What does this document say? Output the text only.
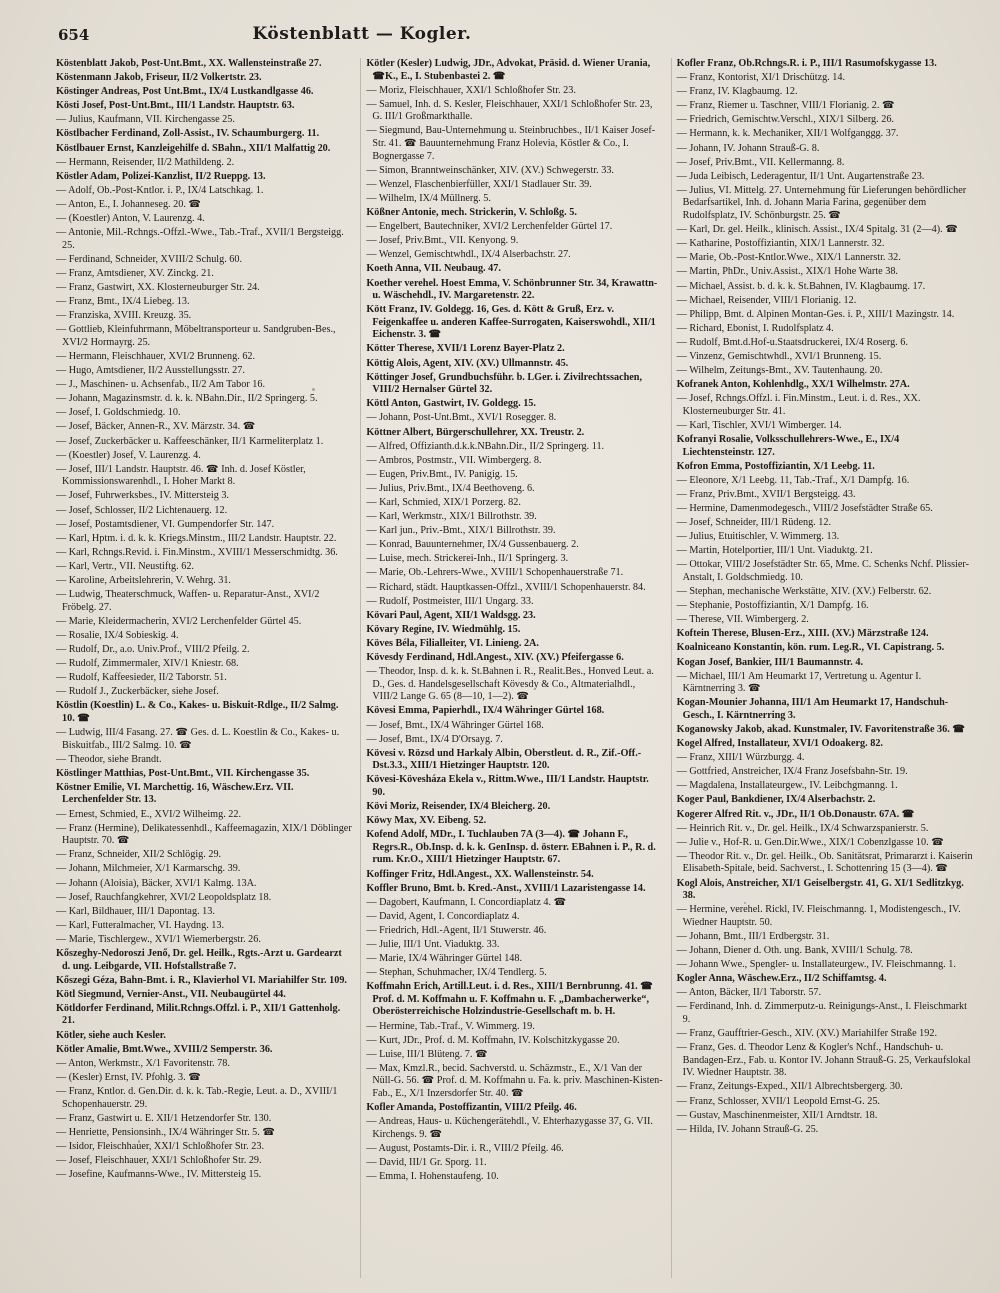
654	Köstenblatt — Kogler.

Köstenblatt Jakob, Post-Unt.Bmt., XX. Wallensteinstraße 27.

Köstenmann Jakob, Friseur, II/2 Volkertstr. 23.

Köstinger Andreas, Post Unt.Bmt., IX/4 Lustkandlgasse 46.

Kösti Josef, Post-Unt.Bmt., III/1 Landstr. Hauptstr. 63.

— Julius, Kaufmann, VII. Kirchengasse 25.

Köstlbacher Ferdinand, Zoll-Assist., IV. Schaumburgerg. 11.

Köstlbauer Ernst, Kanzleigehilfe d. SBahn., XII/1 Malfattig 20.

— Hermann, Reisender, II/2 Mathildeng. 2.

Köstler Adam, Polizei-Kanzlist, II/2 Rueppg. 13.

— Adolf, Ob.-Post-Kntlor. i. P., IX/4 Latschkag. 1.

— Anton, E., I. Johanneseg. 20. ☎

— (Koestler) Anton, V. Laurenzg. 4.

— Antonie, Mil.-Rchngs.-Offzl.-Wwe., Tab.-Traf., XVII/1 Bergsteigg. 25.

— Ferdinand, Schneider, XVIII/2 Schulg. 60.

— Franz, Amtsdiener, XV. Zinckg. 21.

— Franz, Gastwirt, XX. Klosterneuburger Str. 24.

— Franz, Bmt., IX/4 Liebeg. 13.

— Franziska, XVIII. Kreuzg. 35.

— Gottlieb, Kleinfuhrmann, Möbeltransporteur u. Sandgruben-Bes., XVI/2 Hormayrg. 25.

— Hermann, Fleischhauer, XVI/2 Brunneng. 62.

— Hugo, Amtsdiener, II/2 Ausstellungsstr. 27.

— J., Maschinen- u. Achsenfab., II/2 Am Tabor 16.

— Johann, Magazinsmstr. d. k. k. NBahn.Dir., II/2 Springerg. 5.

— Josef, I. Goldschmiedg. 10.

— Josef, Bäcker, Annen-R., XV. Märzstr. 34. ☎

— Josef, Zuckerbäcker u. Kaffeeschänker, II/1 Karmeliterplatz 1.

— (Koestler) Josef, V. Laurenzg. 4.

— Josef, III/1 Landstr. Hauptstr. 46. ☎ Inh. d. Josef Köstler, Kommissionswarenhdl., I. Hoher Markt 8.

— Josef, Fuhrwerksbes., IV. Mittersteig 3.

— Josef, Schlosser, II/2 Lichtenauerg. 12.

— Josef, Postamtsdiener, VI. Gumpendorfer Str. 147.

— Karl, Hptm. i. d. k. k. Kriegs.Minstm., III/2 Landstr. Hauptstr. 22.

— Karl, Rchngs.Revid. i. Fin.Minstm., XVIII/1 Messerschmidtg. 36.

— Karl, Vertr., VII. Neustiftg. 62.

— Karoline, Arbeitslehrerin, V. Wehrg. 31.

— Ludwig, Theaterschmuck, Waffen- u. Reparatur-Anst., XVI/2 Fröbelg. 27.

— Marie, Kleidermacherin, XVI/2 Lerchenfelder Gürtel 45.

— Rosalie, IX/4 Sobieskig. 4.

— Rudolf, Dr., a.o. Univ.Prof., VIII/2 Pfeilg. 2.

— Rudolf, Zimmermaler, XIV/1 Kniestr. 68.

— Rudolf, Kaffeesieder, II/2 Taborstr. 51.

— Rudolf J., Zuckerbäcker, siehe Josef.

Köstlin (Koestlin) L. & Co., Kakes- u. Biskuit-Rdlge., II/2 Salmg. 10. ☎

— Ludwig, III/4 Fasang. 27. ☎ Ges. d. L. Koestlin & Co., Kakes- u. Biskuitfab., III/2 Salmg. 10. ☎

— Theodor, siehe Brandt.

Köstlinger Matthias, Post-Unt.Bmt., VII. Kirchengasse 35.

Köstner Emilie, VI. Marchettig. 16, Wäschew.Erz. VII. Lerchenfelder Str. 13.

— Ernest, Schmied, E., XVI/2 Wilheimg. 22.

— Franz (Hermine), Delikatessenhdl., Kaffeemagazin, XIX/1 Döblinger Hauptstr. 70. ☎

— Franz, Schneider, XII/2 Schlögig. 29.

— Johann, Milchmeier, X/1 Karmarschg. 39.

— Johann (Aloisia), Bäcker, XVI/1 Kalmg. 13A.

— Josef, Rauchfangkehrer, XVI/2 Leopoldsplatz 18.

— Karl, Bildhauer, III/1 Dapontag. 13.

— Karl, Futteralmacher, VI. Haydng. 13.

— Marie, Tischlergew., XVI/1 Wiemerbergstr. 26.

Kőszeghy-Nedoroszi Jenő, Dr. gel. Heilk., Rgts.-Arzt u. Gardearzt d. ung. Leibgarde, VII. Hofstallstraße 7.

Kőszegi Géza, Bahn-Bmt. i. R., Klavierhol VI. Mariahilfer Str. 109.

Kötl Siegmund, Vernier-Anst., VII. Neubaugürtel 44.

Kötldorfer Ferdinand, Milit.Rchngs.Offzl. i. P., XII/1 Gattenholg. 21.

Kötler, siehe auch Kesler.

Kötler Amalie, Bmt.Wwe., XVIII/2 Semperstr. 36.

— Anton, Werkmstr., X/1 Favoritenstr. 78.

— (Kesler) Ernst, IV. Pfohlg. 3. ☎

— Franz, Kntlor. d. Gen.Dir. d. k. k. Tab.-Regie, Leut. a. D., XVIII/1 Schopenhauerstr. 29.

— Franz, Gastwirt u. E. XII/1 Hetzendorfer Str. 130.

— Henriette, Pensionsinh., IX/4 Währinger Str. 5. ☎

— Isidor, Fleischhauer, XXI/1 Schloßhofer Str. 23.

— Josef, Fleischhauer, XXI/1 Schloßhofer Str. 29.

— Josefine, Kaufmanns-Wwe., IV. Mittersteig 15.

Kötler (Kesler) Ludwig, JDr., Advokat, Präsid. d. Wiener Urania, ☎K., E., I. Stubenbastei 2. ☎

— Moriz, Fleischhauer, XXI/1 Schloßhofer Str. 23.

— Samuel, Inh. d. S. Kesler, Fleischhauer, XXI/1 Schloßhofer Str. 23, G. III/1 Großmarkthalle.

— Siegmund, Bau-Unternehmung u. Steinbruchbes., II/1 Kaiser Josef-Str. 41. ☎ Bauunternehmung Franz Holevia, Köstler & Co., I. Bognergasse 7.

— Simon, Branntweinschänker, XIV. (XV.) Schwegerstr. 33.

— Wenzel, Flaschenbierfüller, XXI/1 Stadlauer Str. 39.

— Wilhelm, IX/4 Müllnerg. 5.

Kößner Antonie, mech. Strickerin, V. Schloßg. 5.

— Engelbert, Bautechniker, XVI/2 Lerchenfelder Gürtel 17.

— Josef, Priv.Bmt., VII. Kenyong. 9.

— Wenzel, Gemischtwhdl., IX/4 Alserbachstr. 27.

Koeth Anna, VII. Neubaug. 47.

Koether verehel. Hoest Emma, V. Schönbrunner Str. 34, Krawattn- u. Wäschehdl., IV. Margaretenstr. 22.

Kött Franz, IV. Goldegg. 16, Ges. d. Kött & Gruß, Erz. v. Feigenkaffee u. anderen Kaffee-Surrogaten, Kaiserswohdl., XII/1 Eichenstr. 3. ☎

Kötter Therese, XVII/1 Lorenz Bayer-Platz 2.

Köttig Alois, Agent, XIV. (XV.) Ullmannstr. 45.

Köttinger Josef, Grundbuchsführ. b. LGer. i. Zivilrechtssachen, VIII/2 Hernalser Gürtel 32.

Köttl Anton, Gastwirt, IV. Goldegg. 15.

— Johann, Post-Unt.Bmt., XVI/1 Rosegger. 8.

Köttner Albert, Bürgerschullehrer, XX. Treustr. 2.

— Alfred, Offizianth.d.k.k.NBahn.Dir., II/2 Springerg. 11.

— Ambros, Postmstr., VII. Wimbergerg. 8.

— Eugen, Priv.Bmt., IV. Panigig. 15.

— Julius, Priv.Bmt., IX/4 Beethoveng. 6.

— Karl, Schmied, XIX/1 Porzerg. 82.

— Karl, Werkmstr., XIX/1 Billrothstr. 39.

— Karl jun., Priv.-Bmt., XIX/1 Billrothstr. 39.

— Konrad, Bauunternehmer, IX/4 Gussenbauerg. 2.

— Luise, mech. Strickerei-Inh., II/1 Springerg. 3.

— Marie, Ob.-Lehrers-Wwe., XVIII/1 Schopenhauerstraße 71.

— Richard, städt. Hauptkassen-Offzl., XVIII/1 Schopenhauerstr. 84.

— Rudolf, Postmeister, III/1 Ungarg. 33.

Kövari Paul, Agent, XII/1 Waldsgg. 23.

Kövary Regine, IV. Wiedmühlg. 15.

Köves Béla, Filialleiter, VI. Linieng. 2A.

Kövesdy Ferdinand, Hdl.Angest., XIV. (XV.) Pfeifergasse 6.

— Theodor, Insp. d. k. k. St.Bahnen i. R., Realit.Bes., Honved Leut. a. D., Ges. d. Handelsgesellschaft Kövesdy & Co., Altmaterialhdl., VIII/2 Lange G. 65 (8—10, 1—2). ☎

Kövesi Emma, Papierhdl., IX/4 Währinger Gürtel 168.

— Josef, Bmt., IX/4 Währinger Gürtel 168.

— Josef, Bmt., IX/4 D'Orsayg. 7.

Kövesi v. Rözsd und Harkaly Albin, Oberstleut. d. R., Zif.-Off.-Dst.3.3., XIII/1 Hietzinger Hauptstr. 120.

Kövesi-Kövesháza Ekela v., Rittm.Wwe., III/1 Landstr. Hauptstr. 90.

Kövi Moriz, Reisender, IX/4 Bleicherg. 20.

Köwy Max, XV. Eibeng. 52.

Kofend Adolf, MDr., I. Tuchlauben 7A (3—4). ☎ Johann F., Regrs.R., Ob.Insp. d. k. k. GenInsp. d. österr. EBahnen i. P., R. d. rum. Kr.O., XIII/1 Hietzinger Hauptstr. 67.

Koffinger Fritz, Hdl.Angest., XX. Wallensteinstr. 54.

Koffler Bruno, Bmt. b. Kred.-Anst., XVIII/1 Lazaristengasse 14.

— Dagobert, Kaufmann, I. Concordiaplatz 4. ☎

— David, Agent, I. Concordiaplatz 4.

— Friedrich, Hdl.-Agent, II/1 Stuwerstr. 46.

— Julie, III/1 Unt. Viaduktg. 33.

— Marie, IX/4 Währinger Gürtel 148.

— Stephan, Schuhmacher, IX/4 Tendlerg. 5.

Koffmahn Erich, Artill.Leut. i. d. Res., XIII/1 Bernbrunng. 41. ☎ Prof. d. M. Koffmahn u. F. Koffmahn u. F. „Dambacherwerke“, Oberösterreichische Holzindustrie-Gesellschaft m. b. H.

— Hermine, Tab.-Traf., V. Wimmerg. 19.

— Kurt, JDr., Prof. d. M. Koffmahn, IV. Kolschitzkygasse 20.

— Luise, III/1 Blüteng. 7. ☎

— Max, Kmzl.R., becid. Sachverstd. u. Schäzmstr., E., X/1 Van der Nüll-G. 56. ☎ Prof. d. M. Koffmahn u. Fa. k. priv. Maschinen-Kisten-Fab., E., X/1 Inzersdorfer Str. 40. ☎

Kofler Amanda, Postoffizantin, VIII/2 Pfeilg. 46.

— Andreas, Haus- u. Küchengerätehdl., V. Ehterhazygasse 37, G. VII. Kirchengs. 9. ☎

— August, Postamts-Dir. i. R., VIII/2 Pfeilg. 46.

— David, III/1 Gr. Sporg. 11.

— Emma, I. Hohenstaufeng. 10.

Kofler Franz, Ob.Rchngs.R. i. P., III/1 Rasumofskygasse 13.

— Franz, Kontorist, XI/1 Drischützg. 14.

— Franz, IV. Klagbaumg. 12.

— Franz, Riemer u. Taschner, VIII/1 Florianig. 2. ☎

— Friedrich, Gemischtw.Verschl., XIX/1 Silberg. 26.

— Hermann, k. k. Mechaniker, XII/1 Wolfganggg. 37.

— Johann, IV. Johann Strauß-G. 8.

— Josef, Priv.Bmt., VII. Kellermanng. 8.

— Juda Leibisch, Lederagentur, II/1 Unt. Augartenstraße 23.

— Julius, VI. Mittelg. 27. Unternehmung für Lieferungen behördlicher Bedarfsartikel, Inh. d. Johann Maria Farina, gegenüber dem Rudolfsplatz, IV. Schönburgstr. 25. ☎

— Karl, Dr. gel. Heilk., klinisch. Assist., IX/4 Spitalg. 31 (2—4). ☎

— Katharine, Postoffiziantin, XIX/1 Lannerstr. 32.

— Marie, Ob.-Post-Kntlor.Wwe., XIX/1 Lannerstr. 32.

— Martin, PhDr., Univ.Assist., XIX/1 Hohe Warte 38.

— Michael, Assist. b. d. k. k. St.Bahnen, IV. Klagbaumg. 17.

— Michael, Reisender, VIII/1 Florianig. 12.

— Philipp, Bmt. d. Alpinen Montan-Ges. i. P., XIII/1 Mazingstr. 14.

— Richard, Ebonist, I. Rudolfsplatz 4.

— Rudolf, Bmt.d.Hof-u.Staatsdruckerei, IX/4 Roserg. 6.

— Vinzenz, Gemischtwhdl., XVI/1 Brunneng. 15.

— Wilhelm, Zeitungs-Bmt., XV. Tautenhaung. 20.

Kofranek Anton, Kohlenhdlg., XX/1 Wilhelmstr. 27A.

— Josef, Rchngs.Offzl. i. Fin.Minstm., Leut. i. d. Res., XX. Klosterneuburger Str. 41.

— Karl, Tischler, XVI/1 Wimberger. 14.

Kofranyi Rosalie, Volksschullehrers-Wwe., E., IX/4 Liechtensteinstr. 127.

Kofron Emma, Postoffiziantin, X/1 Leebg. 11.

— Eleonore, X/1 Leebg. 11, Tab.-Traf., X/1 Dampfg. 16.

— Franz, Priv.Bmt., XVII/1 Bergsteigg. 43.

— Hermine, Damenmodegesch., VIII/2 Josefstädter Straße 65.

— Josef, Schneider, III/1 Rüdeng. 12.

— Julius, Etuitischler, V. Wimmerg. 13.

— Martin, Hotelportier, III/1 Unt. Viaduktg. 21.

— Ottokar, VIII/2 Josefstädter Str. 65, Mme. C. Schenks Nchf. Plissier-Anstalt, I. Goldschmiedg. 10.

— Stephan, mechanische Werkstätte, XIV. (XV.) Felberstr. 62.

— Stephanie, Postoffiziantin, X/1 Dampfg. 16.

— Therese, VII. Wimbergerg. 2.

Koftein Therese, Blusen-Erz., XIII. (XV.) Märzstraße 124.

Koalniceano Konstantin, kön. rum. Leg.R., VI. Capistrang. 5.

Kogan Josef, Bankier, III/1 Baumannstr. 4.

— Michael, III/1 Am Heumarkt 17, Vertretung u. Agentur I. Kärntnerring 3. ☎

Kogan-Mounier Johanna, III/1 Am Heumarkt 17, Handschuh-Gesch., I. Kärntnerring 3.

Koganowsky Jakob, akad. Kunstmaler, IV. Favoritenstraße 36. ☎

Kogel Alfred, Installateur, XVI/1 Odoakerg. 82.

— Franz, XIII/1 Würzburgg. 4.

— Gottfried, Anstreicher, IX/4 Franz Josefsbahn-Str. 19.

— Magdalena, Installateurgew., IV. Leibchgmanng. 1.

Koger Paul, Bankdiener, IX/4 Alserbachstr. 2.

Kogerer Alfred Rit. v., JDr., II/1 Ob.Donaustr. 67A. ☎

— Heinrich Rit. v., Dr. gel. Heilk., IX/4 Schwarzspanierstr. 5.

— Julie v., Hof-R. u. Gen.Dir.Wwe., XIX/1 Cobenzlgasse 10. ☎

— Theodor Rit. v., Dr. gel. Heilk., Ob. Sanitätsrat, Primararzt i. Kaiserin Elisabeth-Spitale, beid. Sachverst., I. Schottenring 15 (3—4). ☎

Kogl Alois, Anstreicher, XI/1 Geiselbergstr. 41, G. XI/1 Sedlitzkyg. 38.

— Hermine, verehel. Rickl, IV. Fleischmanng. 1, Modistengesch., IV. Wiedner Hauptstr. 50.

— Johann, Bmt., III/1 Erdbergstr. 31.

— Johann, Diener d. Oth. ung. Bank, XVIII/1 Schulg. 78.

— Johann Wwe., Spengler- u. Installateurgew., IV. Fleischmanng. 1.

Kogler Anna, Wäschew.Erz., II/2 Schiffamtsg. 4.

— Anton, Bäcker, II/1 Taborstr. 57.

— Ferdinand, Inh. d. Zimmerputz-u. Reinigungs-Anst., I. Fleischmarkt 9.

— Franz, Gaufftrier-Gesch., XIV. (XV.) Mariahilfer Straße 192.

— Franz, Ges. d. Theodor Lenz & Kogler's Nchf., Handschuh- u. Bandagen-Erz., Fab. u. Kontor IV. Johann Strauß-G. 25, Verkaufslokal IV. Wiedner Hauptstr. 38.

— Franz, Zeitungs-Exped., XII/1 Albrechtsbergerg. 30.

— Franz, Schlosser, XVII/1 Leopold Ernst-G. 25.

— Gustav, Maschinenmeister, XII/1 Arndtstr. 18.

— Hilda, IV. Johann Strauß-G. 25.
